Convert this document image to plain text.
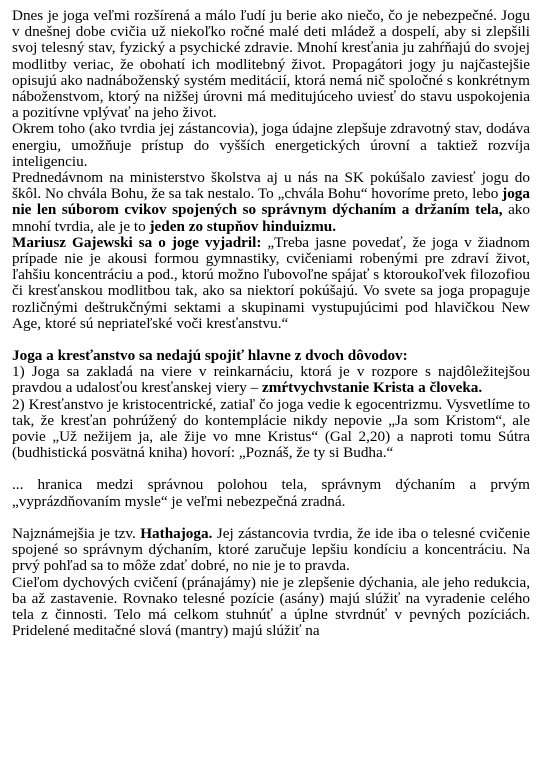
Dnes je joga veľmi rozšírená a málo ľudí ju berie ako niečo, čo je nebezpečné. Jogu v dnešnej dobe cvičia už niekoľko ročné malé deti mládež a dospelí, aby si zlepšili svoj telesný stav, fyzický a psychické zdravie. Mnohí kresťania ju zahŕňajú do svojej modlitby veriac, že obohatí ich modlitebný život. Propagátori jogy ju najčastejšie opisujú ako nadnáboženský systém meditácií, ktorá nemá nič spoločné s konkrétnym náboženstvom, ktorý na nižšej úrovni má meditujúceho uviesť do stavu uspokojenia a pozitívne vplývať na jeho život.

Okrem toho (ako tvrdia jej zástancovia), joga údajne zlepšuje zdravotný stav, dodáva energiu, umožňuje prístup do vyšších energetických úrovní a taktiež rozvíja inteligenciu.

Prednedávnom na ministerstvo školstva aj u nás na SK pokúšalo zaviesť jogu do škôl. No chvála Bohu, že sa tak nestalo. To „chvála Bohu“ hovoríme preto, lebo joga nie len súborom cvikov spojených so správnym dýchaním a držaním tela, ako mnohí tvrdia, ale je to jeden zo stupňov hinduizmu.

Mariusz Gajewski sa o joge vyjadril: „Treba jasne povedať, že joga v žiadnom prípade nie je akousi formou gymnastiky, cvičeniami robenými pre zdraví život, ľahšiu koncentráciu a pod., ktorú možno ľubovoľne spájať s ktoroukoľvek filozofiou či kresťanskou modlitbou tak, ako sa niektorí pokúšajú. Vo svete sa joga propaguje rozličnými deštrukčnými sektami a skupinami vystupujúcimi pod hlavičkou New Age, ktoré sú nepriateľské voči kresťanstvu.“

Joga a kresťanstvo sa nedajú spojiť hlavne z dvoch dôvodov:

1) Joga sa zakladá na viere v reinkarnáciu, ktorá je v rozpore s najdôležitejšou pravdou a udalosťou kresťanskej viery – zmŕtvychvstanie Krista a človeka.

2) Kresťanstvo je kristocentrické, zatiaľ čo joga vedie k egocentrizmu. Vysvetlíme to tak, že kresťan pohrúžený do kontemplácie nikdy nepovie „Ja som Kristom“, ale povie „Už nežijem ja, ale žije vo mne Kristus“ (Gal 2,20) a naproti tomu Sútra (budhistická posvätná kniha) hovorí: „Poznáš, že ty si Budha.“

... hranica medzi správnou polohou tela, správnym dýchaním a prvým „vyprázdňovaním mysle“ je veľmi nebezpečná zradná.

Najznámejšia je tzv. Hathajoga. Jej zástancovia tvrdia, že ide iba o telesné cvičenie spojené so správnym dýchaním, ktoré zaručuje lepšiu kondíciu a koncentráciu. Na prvý pohľad sa to môže zdať dobré, no nie je to pravda.

Cieľom dychových cvičení (pránajámy) nie je zlepšenie dýchania, ale jeho redukcia, ba až zastavenie. Rovnako telesné pozície (asány) majú slúžiť na vyradenie celého tela z činnosti. Telo má celkom stuhnúť a úplne stvrdnúť v pevných pozíciách. Pridelené meditačné slová (mantry) majú slúžiť na
